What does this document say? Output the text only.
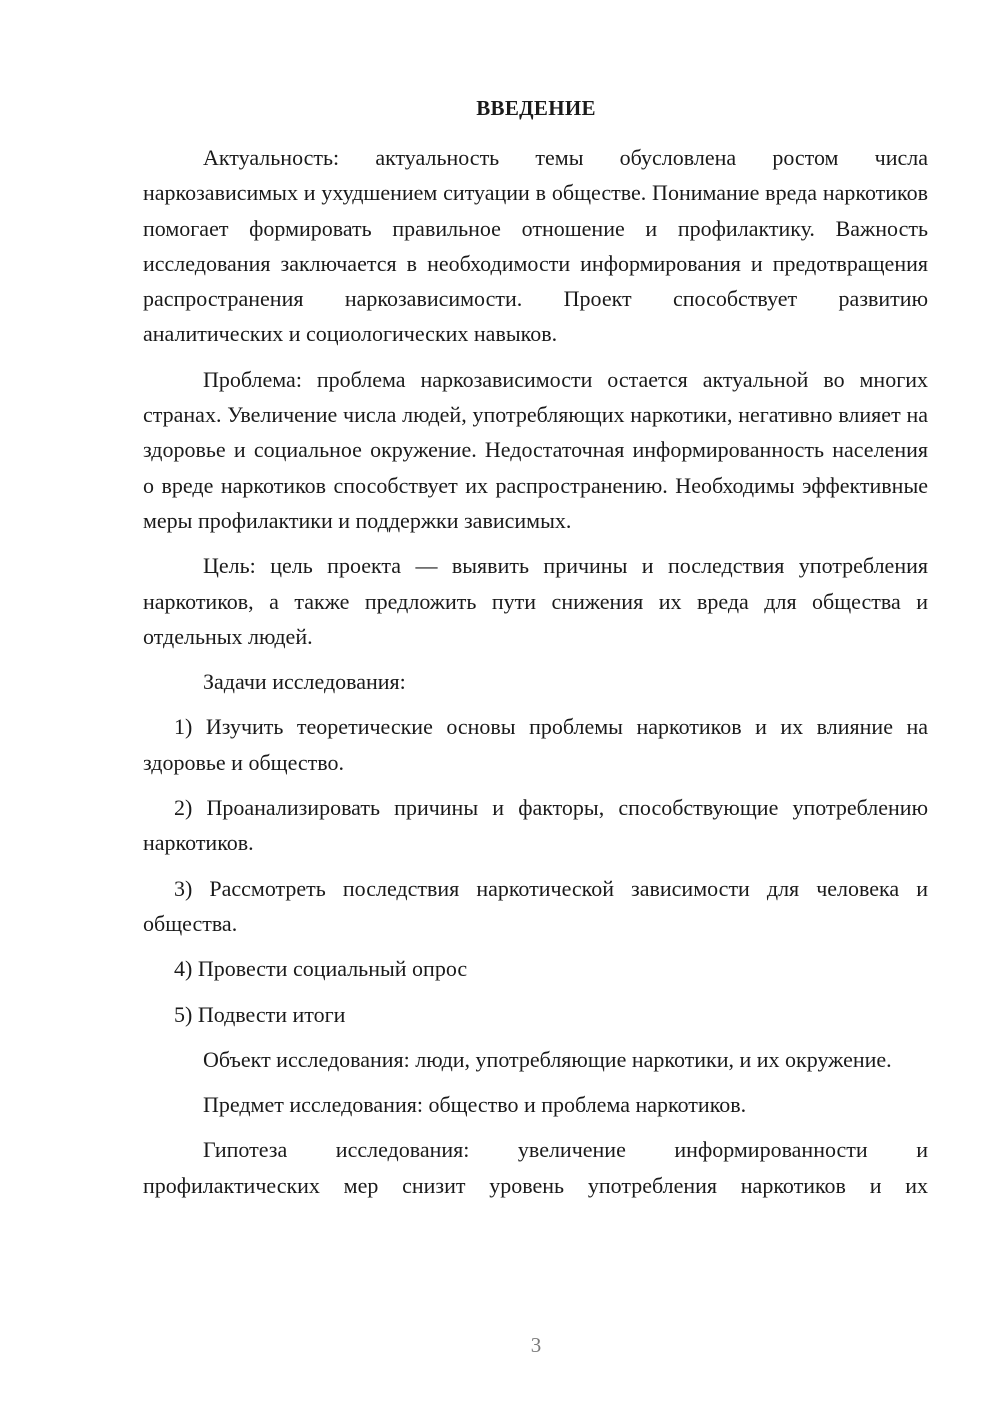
ВВЕДЕНИЕ

Актуальность: актуальность темы обусловлена ростом числа наркозависимых и ухудшением ситуации в обществе. Понимание вреда наркотиков помогает формировать правильное отношение и профилактику. Важность исследования заключается в необходимости информирования и предотвращения распространения наркозависимости. Проект способствует развитию аналитических и социологических навыков.

Проблема: проблема наркозависимости остается актуальной во многих странах. Увеличение числа людей, употребляющих наркотики, негативно влияет на здоровье и социальное окружение. Недостаточная информированность населения о вреде наркотиков способствует их распространению. Необходимы эффективные меры профилактики и поддержки зависимых.

Цель: цель проекта — выявить причины и последствия употребления наркотиков, а также предложить пути снижения их вреда для общества и отдельных людей.

Задачи исследования:

1) Изучить теоретические основы проблемы наркотиков и их влияние на здоровье и общество.

2) Проанализировать причины и факторы, способствующие употреблению наркотиков.

3) Рассмотреть последствия наркотической зависимости для человека и общества.

4) Провести социальный опрос

5) Подвести итоги

Объект исследования: люди, употребляющие наркотики, и их окружение.

Предмет исследования: общество и проблема наркотиков.

Гипотеза исследования: увеличение информированности и профилактических мер снизит уровень употребления наркотиков и их

3
